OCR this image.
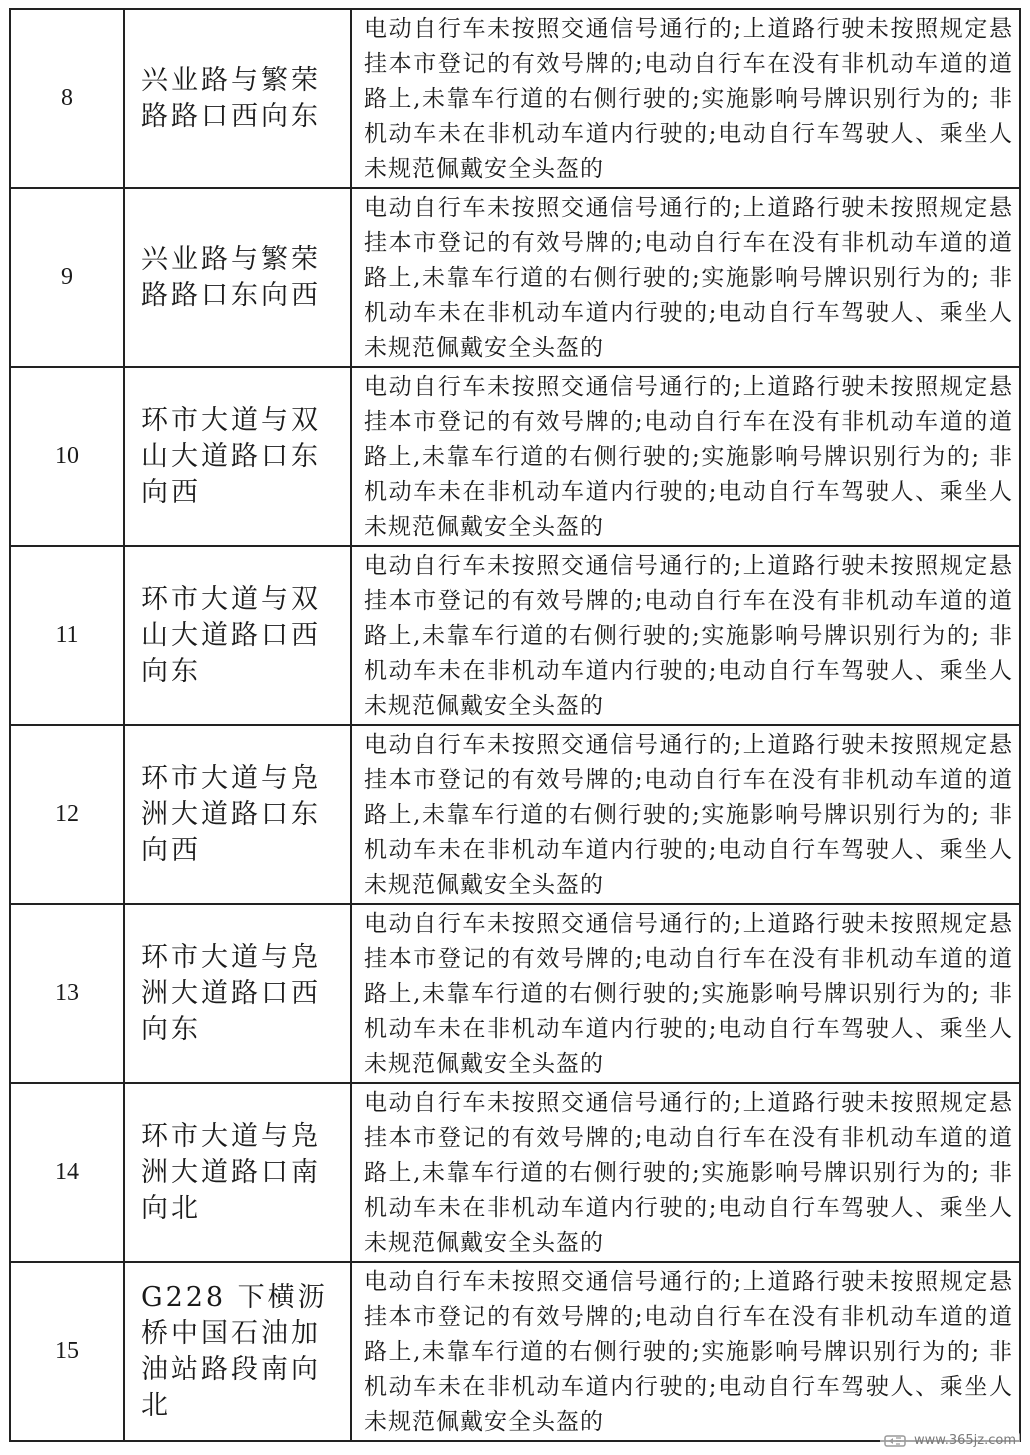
8	兴业路与繁荣路路口西向东	电动自行车未按照交通信号通行的;上道路行驶未按照规定悬挂本市登记的有效号牌的;电动自行车在没有非机动车道的道路上,未靠车行道的右侧行驶的;实施影响号牌识别行为的; 非机动车未在非机动车道内行驶的;电动自行车驾驶人、乘坐人未规范佩戴安全头盔的
9	兴业路与繁荣路路口东向西	电动自行车未按照交通信号通行的;上道路行驶未按照规定悬挂本市登记的有效号牌的;电动自行车在没有非机动车道的道路上,未靠车行道的右侧行驶的;实施影响号牌识别行为的; 非机动车未在非机动车道内行驶的;电动自行车驾驶人、乘坐人未规范佩戴安全头盔的
10	环市大道与双山大道路口东向西	电动自行车未按照交通信号通行的;上道路行驶未按照规定悬挂本市登记的有效号牌的;电动自行车在没有非机动车道的道路上,未靠车行道的右侧行驶的;实施影响号牌识别行为的; 非机动车未在非机动车道内行驶的;电动自行车驾驶人、乘坐人未规范佩戴安全头盔的
11	环市大道与双山大道路口西向东	电动自行车未按照交通信号通行的;上道路行驶未按照规定悬挂本市登记的有效号牌的;电动自行车在没有非机动车道的道路上,未靠车行道的右侧行驶的;实施影响号牌识别行为的; 非机动车未在非机动车道内行驶的;电动自行车驾驶人、乘坐人未规范佩戴安全头盔的
12	环市大道与凫洲大道路口东向西	电动自行车未按照交通信号通行的;上道路行驶未按照规定悬挂本市登记的有效号牌的;电动自行车在没有非机动车道的道路上,未靠车行道的右侧行驶的;实施影响号牌识别行为的; 非机动车未在非机动车道内行驶的;电动自行车驾驶人、乘坐人未规范佩戴安全头盔的
13	环市大道与凫洲大道路口西向东	电动自行车未按照交通信号通行的;上道路行驶未按照规定悬挂本市登记的有效号牌的;电动自行车在没有非机动车道的道路上,未靠车行道的右侧行驶的;实施影响号牌识别行为的; 非机动车未在非机动车道内行驶的;电动自行车驾驶人、乘坐人未规范佩戴安全头盔的
14	环市大道与凫洲大道路口南向北	电动自行车未按照交通信号通行的;上道路行驶未按照规定悬挂本市登记的有效号牌的;电动自行车在没有非机动车道的道路上,未靠车行道的右侧行驶的;实施影响号牌识别行为的; 非机动车未在非机动车道内行驶的;电动自行车驾驶人、乘坐人未规范佩戴安全头盔的
15	G228 下横沥桥中国石油加油站路段南向北	电动自行车未按照交通信号通行的;上道路行驶未按照规定悬挂本市登记的有效号牌的;电动自行车在没有非机动车道的道路上,未靠车行道的右侧行驶的;实施影响号牌识别行为的; 非机动车未在非机动车道内行驶的;电动自行车驾驶人、乘坐人未规范佩戴安全头盔的
www.365jz.com
